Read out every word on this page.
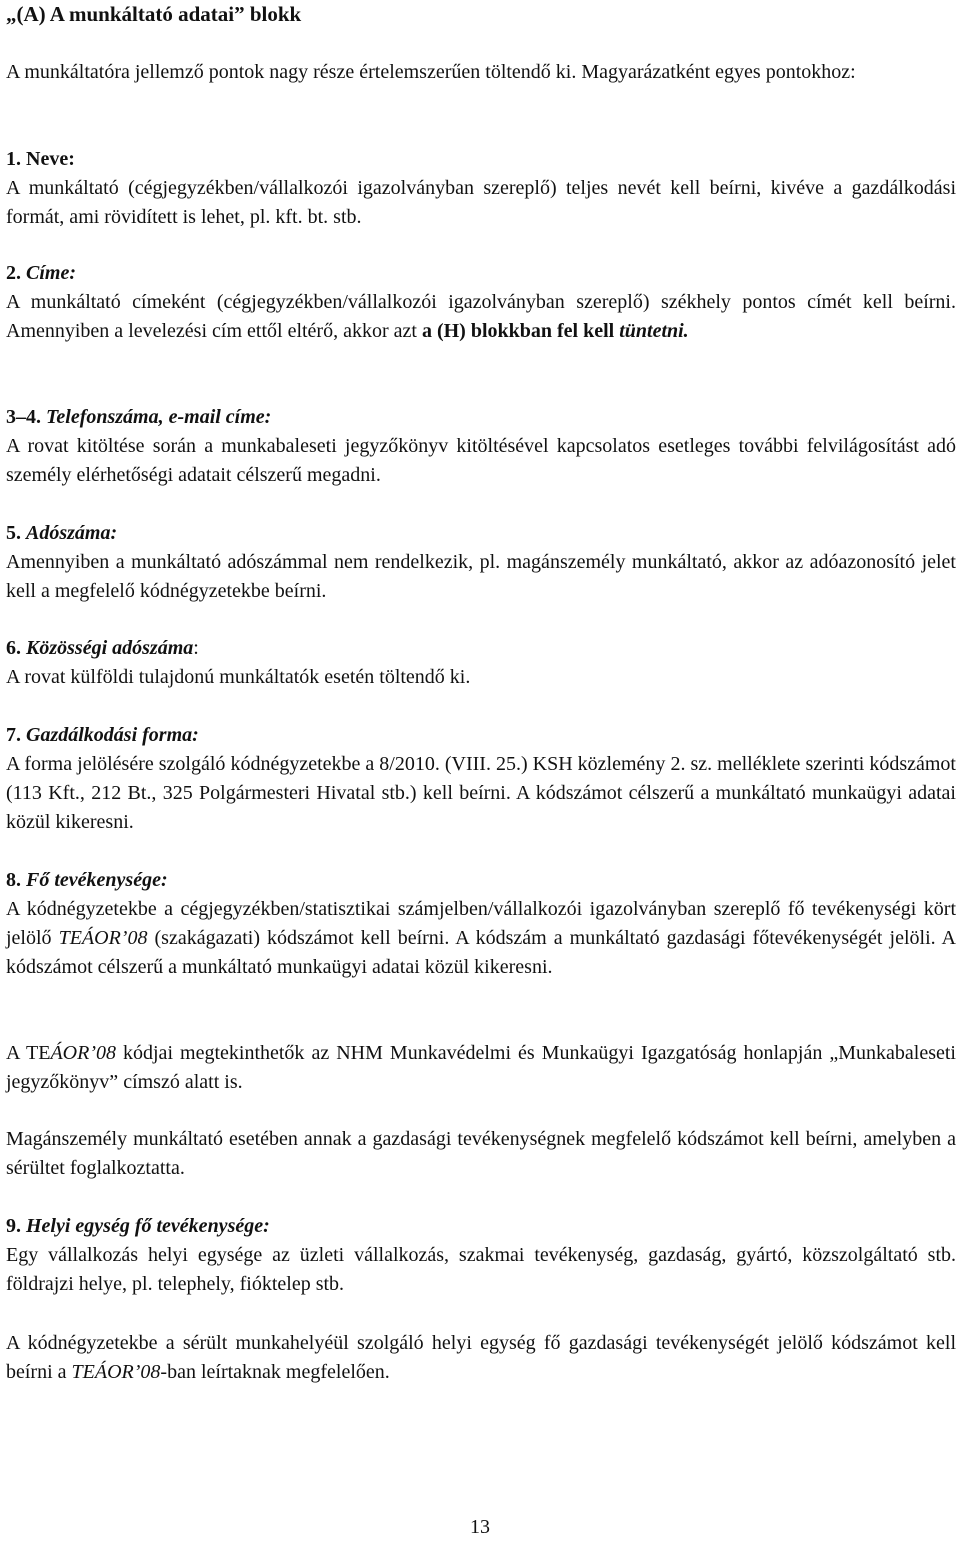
„(A) A munkáltató adatai” blokk

A munkáltatóra jellemző pontok nagy része értelemszerűen töltendő ki. Magyarázatként egyes pontokhoz:

1. Neve:

A munkáltató (cégjegyzékben/vállalkozói igazolványban szereplő) teljes nevét kell beírni, kivéve a gazdálkodási formát, ami rövidített is lehet, pl. kft. bt. stb.

2. Címe:

A munkáltató címeként (cégjegyzékben/vállalkozói igazolványban szereplő) székhely pontos címét kell beírni. Amennyiben a levelezési cím ettől eltérő, akkor azt a (H) blokkban fel kell tüntetni.

3–4. Telefonszáma, e-mail címe:

A rovat kitöltése során a munkabaleseti jegyzőkönyv kitöltésével kapcsolatos esetleges további felvilágosítást adó személy elérhetőségi adatait célszerű megadni.

5. Adószáma:

Amennyiben a munkáltató adószámmal nem rendelkezik, pl. magánszemély munkáltató, akkor az adóazonosító jelet kell a megfelelő kódnégyzetekbe beírni.

6. Közösségi adószáma:

A rovat külföldi tulajdonú munkáltatók esetén töltendő ki.

7. Gazdálkodási forma:

A forma jelölésére szolgáló kódnégyzetekbe a 8/2010. (VIII. 25.) KSH közlemény 2. sz. melléklete szerinti kódszámot (113 Kft., 212 Bt., 325 Polgármesteri Hivatal stb.) kell beírni. A kódszámot célszerű a munkáltató munkaügyi adatai közül kikeresni.

8. Fő tevékenysége:

A kódnégyzetekbe a cégjegyzékben/statisztikai számjelben/vállalkozói igazolványban szereplő fő tevékenységi kört jelölő TEÁOR’08 (szakágazati) kódszámot kell beírni. A kódszám a munkáltató gazdasági főtevékenységét jelöli. A kódszámot célszerű a munkáltató munkaügyi adatai közül kikeresni.

A TEÁOR’08 kódjai megtekinthetők az NHM Munkavédelmi és Munkaügyi Igazgatóság honlapján „Munkabaleseti jegyzőkönyv” címszó alatt is.

Magánszemély munkáltató esetében annak a gazdasági tevékenységnek megfelelő kódszámot kell beírni, amelyben a sérültet foglalkoztatta.

9. Helyi egység fő tevékenysége:

Egy vállalkozás helyi egysége az üzleti vállalkozás, szakmai tevékenység, gazdaság, gyártó, közszolgáltató stb. földrajzi helye, pl. telephely, fióktelep stb.

A kódnégyzetekbe a sérült munkahelyéül szolgáló helyi egység fő gazdasági tevékenységét jelölő kódszámot kell beírni a TEÁOR’08-ban leírtaknak megfelelően.

13
